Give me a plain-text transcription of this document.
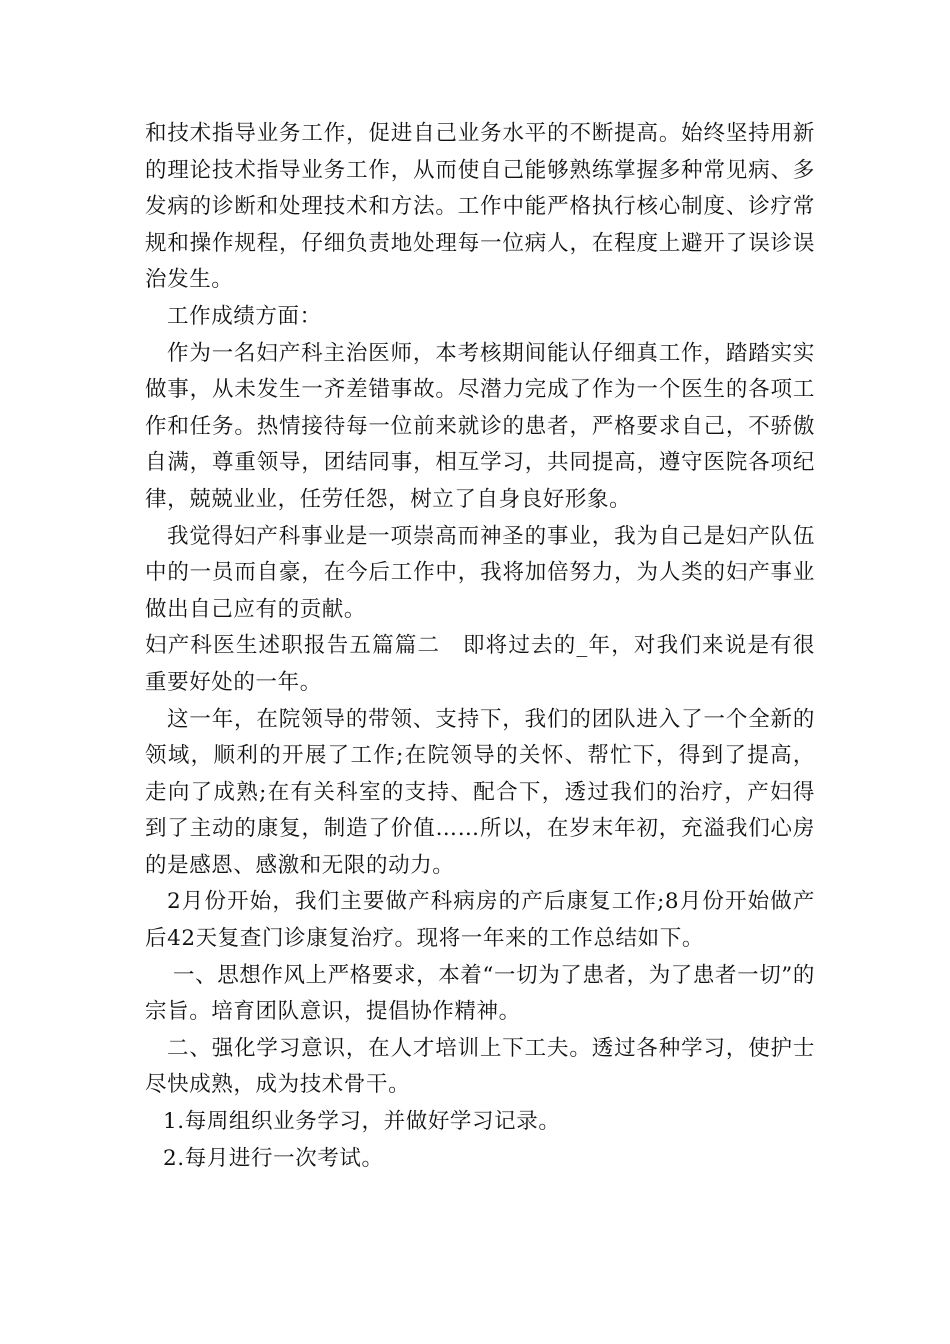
和技术指导业务工作，促进自己业务水平的不断提高。始终坚持用新的理论技术指导业务工作，从而使自己能够熟练掌握多种常见病、多发病的诊断和处理技术和方法。工作中能严格执行核心制度、诊疗常规和操作规程，仔细负责地处理每一位病人，在程度上避开了误诊误治发生。

工作成绩方面：

作为一名妇产科主治医师，本考核期间能认仔细真工作，踏踏实实做事，从未发生一齐差错事故。尽潜力完成了作为一个医生的各项工作和任务。热情接待每一位前来就诊的患者，严格要求自己，不骄傲自满，尊重领导，团结同事，相互学习，共同提高，遵守医院各项纪律，兢兢业业，任劳任怨，树立了自身良好形象。

我觉得妇产科事业是一项崇高而神圣的事业，我为自己是妇产队伍中的一员而自豪，在今后工作中，我将加倍努力，为人类的妇产事业做出自己应有的贡献。

妇产科医生述职报告五篇篇二　即将过去的_年，对我们来说是有很重要好处的一年。

这一年，在院领导的带领、支持下，我们的团队进入了一个全新的领域，顺利的开展了工作;在院领导的关怀、帮忙下，得到了提高，走向了成熟;在有关科室的支持、配合下，透过我们的治疗，产妇得到了主动的康复，制造了价值……所以，在岁末年初，充溢我们心房的是感恩、感激和无限的动力。

2月份开始，我们主要做产科病房的产后康复工作;8月份开始做产后42天复查门诊康复治疗。现将一年来的工作总结如下。

一、思想作风上严格要求，本着“一切为了患者，为了患者一切”的宗旨。培育团队意识，提倡协作精神。

二、强化学习意识，在人才培训上下工夫。透过各种学习，使护士尽快成熟，成为技术骨干。

1.每周组织业务学习，并做好学习记录。

2.每月进行一次考试。
